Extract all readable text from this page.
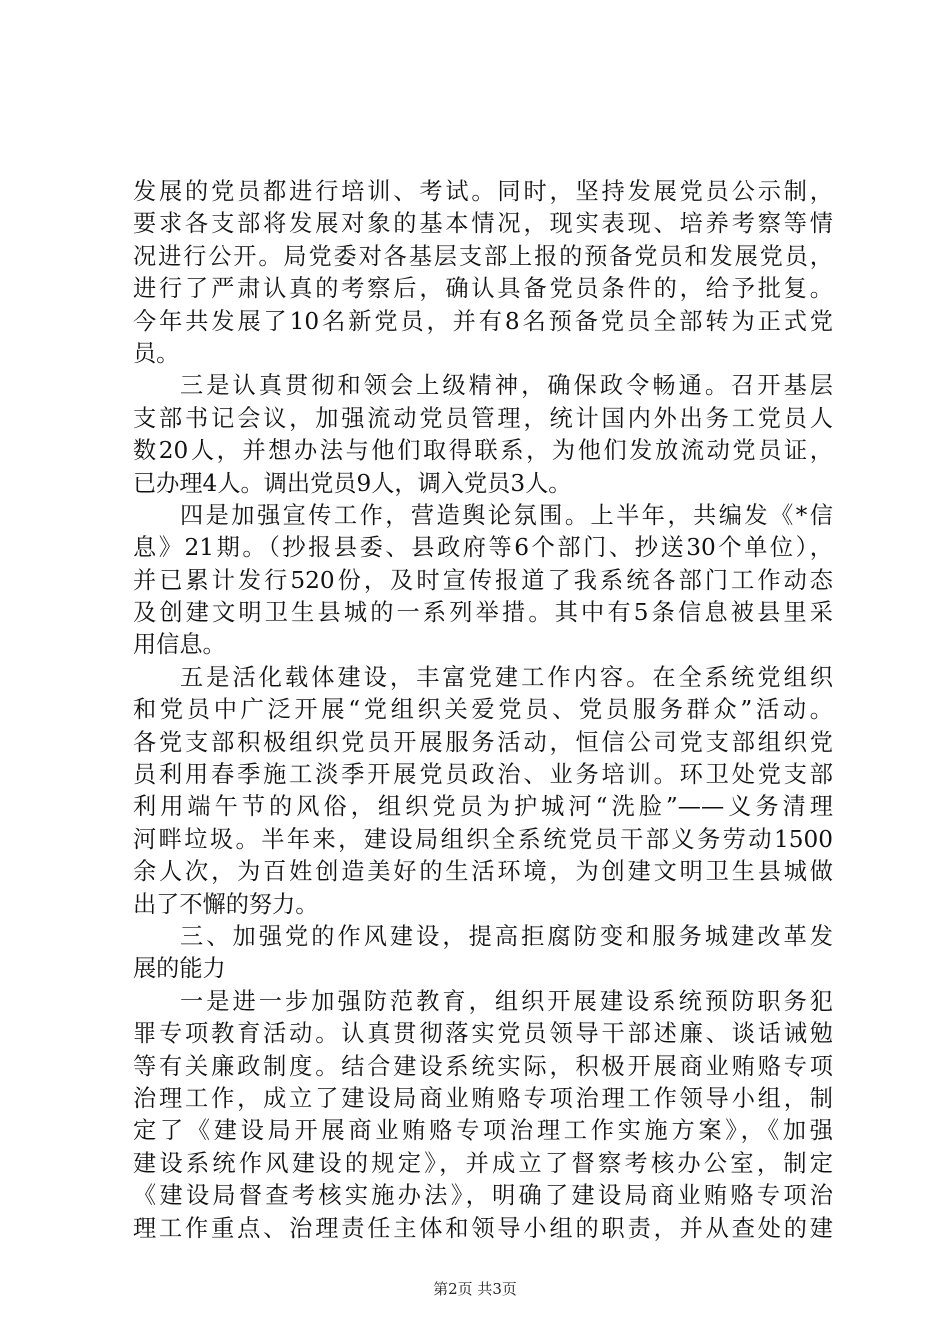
发展的党员都进行培训、考试。同时，坚持发展党员公示制，
要求各支部将发展对象的基本情况，现实表现、培养考察等情
况进行公开。局党委对各基层支部上报的预备党员和发展党员，
进行了严肃认真的考察后，确认具备党员条件的，给予批复。
今年共发展了10名新党员，并有8名预备党员全部转为正式党
员。
三是认真贯彻和领会上级精神，确保政令畅通。召开基层
支部书记会议，加强流动党员管理，统计国内外出务工党员人
数20人，并想办法与他们取得联系，为他们发放流动党员证，
已办理4人。调出党员9人，调入党员3人。
四是加强宣传工作，营造舆论氛围。上半年，共编发《*信
息》21期。（抄报县委、县政府等6个部门、抄送30个单位），
并已累计发行520份，及时宣传报道了我系统各部门工作动态
及创建文明卫生县城的一系列举措。其中有5条信息被县里采
用信息。
五是活化载体建设，丰富党建工作内容。在全系统党组织
和党员中广泛开展“党组织关爱党员、党员服务群众”活动。
各党支部积极组织党员开展服务活动，恒信公司党支部组织党
员利用春季施工淡季开展党员政治、业务培训。环卫处党支部
利用端午节的风俗，组织党员为护城河“洗脸”——义务清理
河畔垃圾。半年来，建设局组织全系统党员干部义务劳动1500
余人次，为百姓创造美好的生活环境，为创建文明卫生县城做
出了不懈的努力。
三、加强党的作风建设，提高拒腐防变和服务城建改革发
展的能力
一是进一步加强防范教育，组织开展建设系统预防职务犯
罪专项教育活动。认真贯彻落实党员领导干部述廉、谈话诫勉
等有关廉政制度。结合建设系统实际，积极开展商业贿赂专项
治理工作，成立了建设局商业贿赂专项治理工作领导小组，制
定了《建设局开展商业贿赂专项治理工作实施方案》，《加强
建设系统作风建设的规定》，并成立了督察考核办公室，制定
《建设局督查考核实施办法》，明确了建设局商业贿赂专项治
理工作重点、治理责任主体和领导小组的职责，并从查处的建
第2页 共3页
